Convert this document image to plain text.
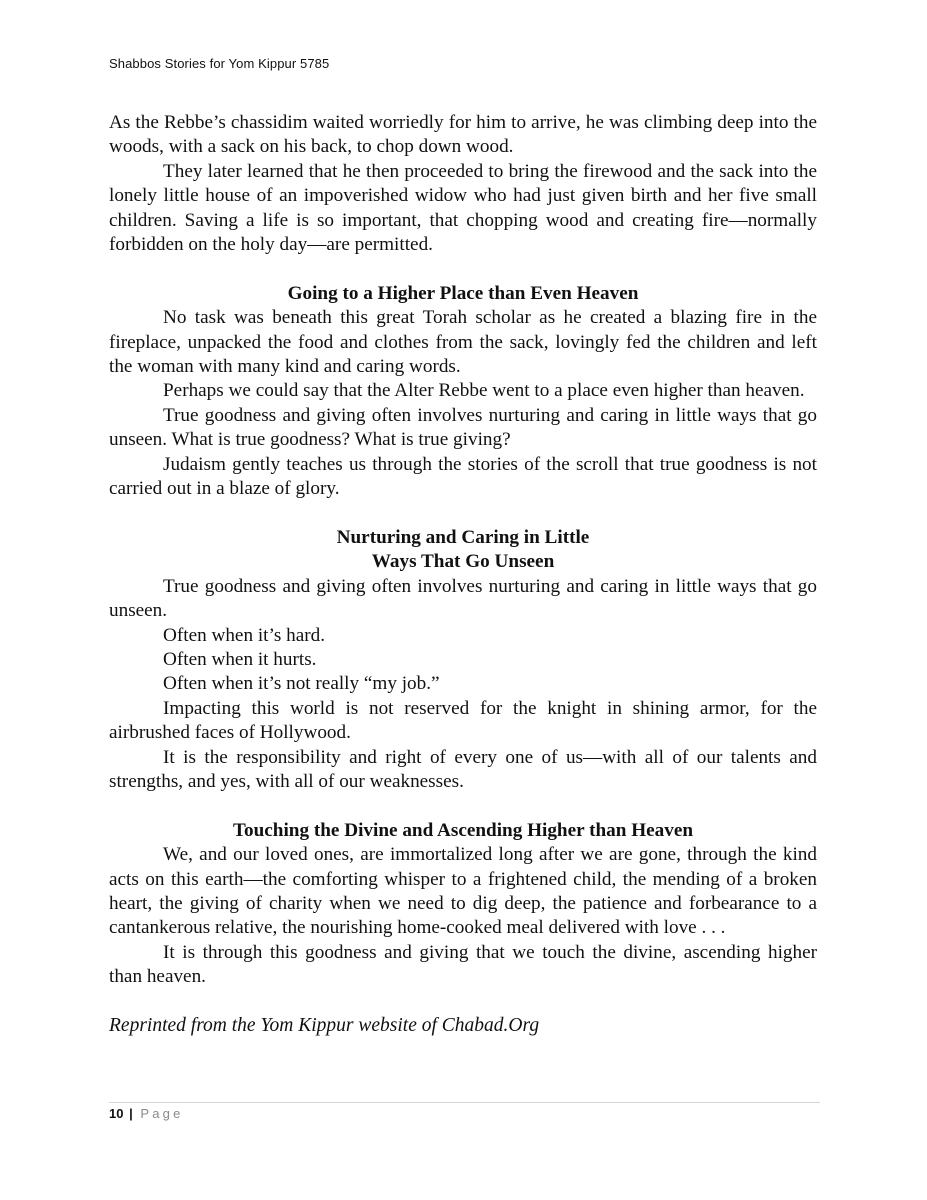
Shabbos Stories for Yom Kippur 5785

As the Rebbe’s chassidim waited worriedly for him to arrive, he was climbing deep into the woods, with a sack on his back, to chop down wood.

They later learned that he then proceeded to bring the firewood and the sack into the lonely little house of an impoverished widow who had just given birth and her five small children. Saving a life is so important, that chopping wood and creating fire—normally forbidden on the holy day—are permitted.

Going to a Higher Place than Even Heaven

No task was beneath this great Torah scholar as he created a blazing fire in the fireplace, unpacked the food and clothes from the sack, lovingly fed the children and left the woman with many kind and caring words.

Perhaps we could say that the Alter Rebbe went to a place even higher than heaven.

True goodness and giving often involves nurturing and caring in little ways that go unseen. What is true goodness? What is true giving?

Judaism gently teaches us through the stories of the scroll that true goodness is not carried out in a blaze of glory.

Nurturing and Caring in Little
Ways That Go Unseen

True goodness and giving often involves nurturing and caring in little ways that go unseen.

Often when it’s hard.

Often when it hurts.

Often when it’s not really “my job.”

Impacting this world is not reserved for the knight in shining armor, for the airbrushed faces of Hollywood.

It is the responsibility and right of every one of us—with all of our talents and strengths, and yes, with all of our weaknesses.

Touching the Divine and Ascending Higher than Heaven

We, and our loved ones, are immortalized long after we are gone, through the kind acts on this earth—the comforting whisper to a frightened child, the mending of a broken heart, the giving of charity when we need to dig deep, the patience and forbearance to a cantankerous relative, the nourishing home-cooked meal delivered with love . . .

It is through this goodness and giving that we touch the divine, ascending higher than heaven.

Reprinted from the Yom Kippur website of Chabad.Org

10 | Page
